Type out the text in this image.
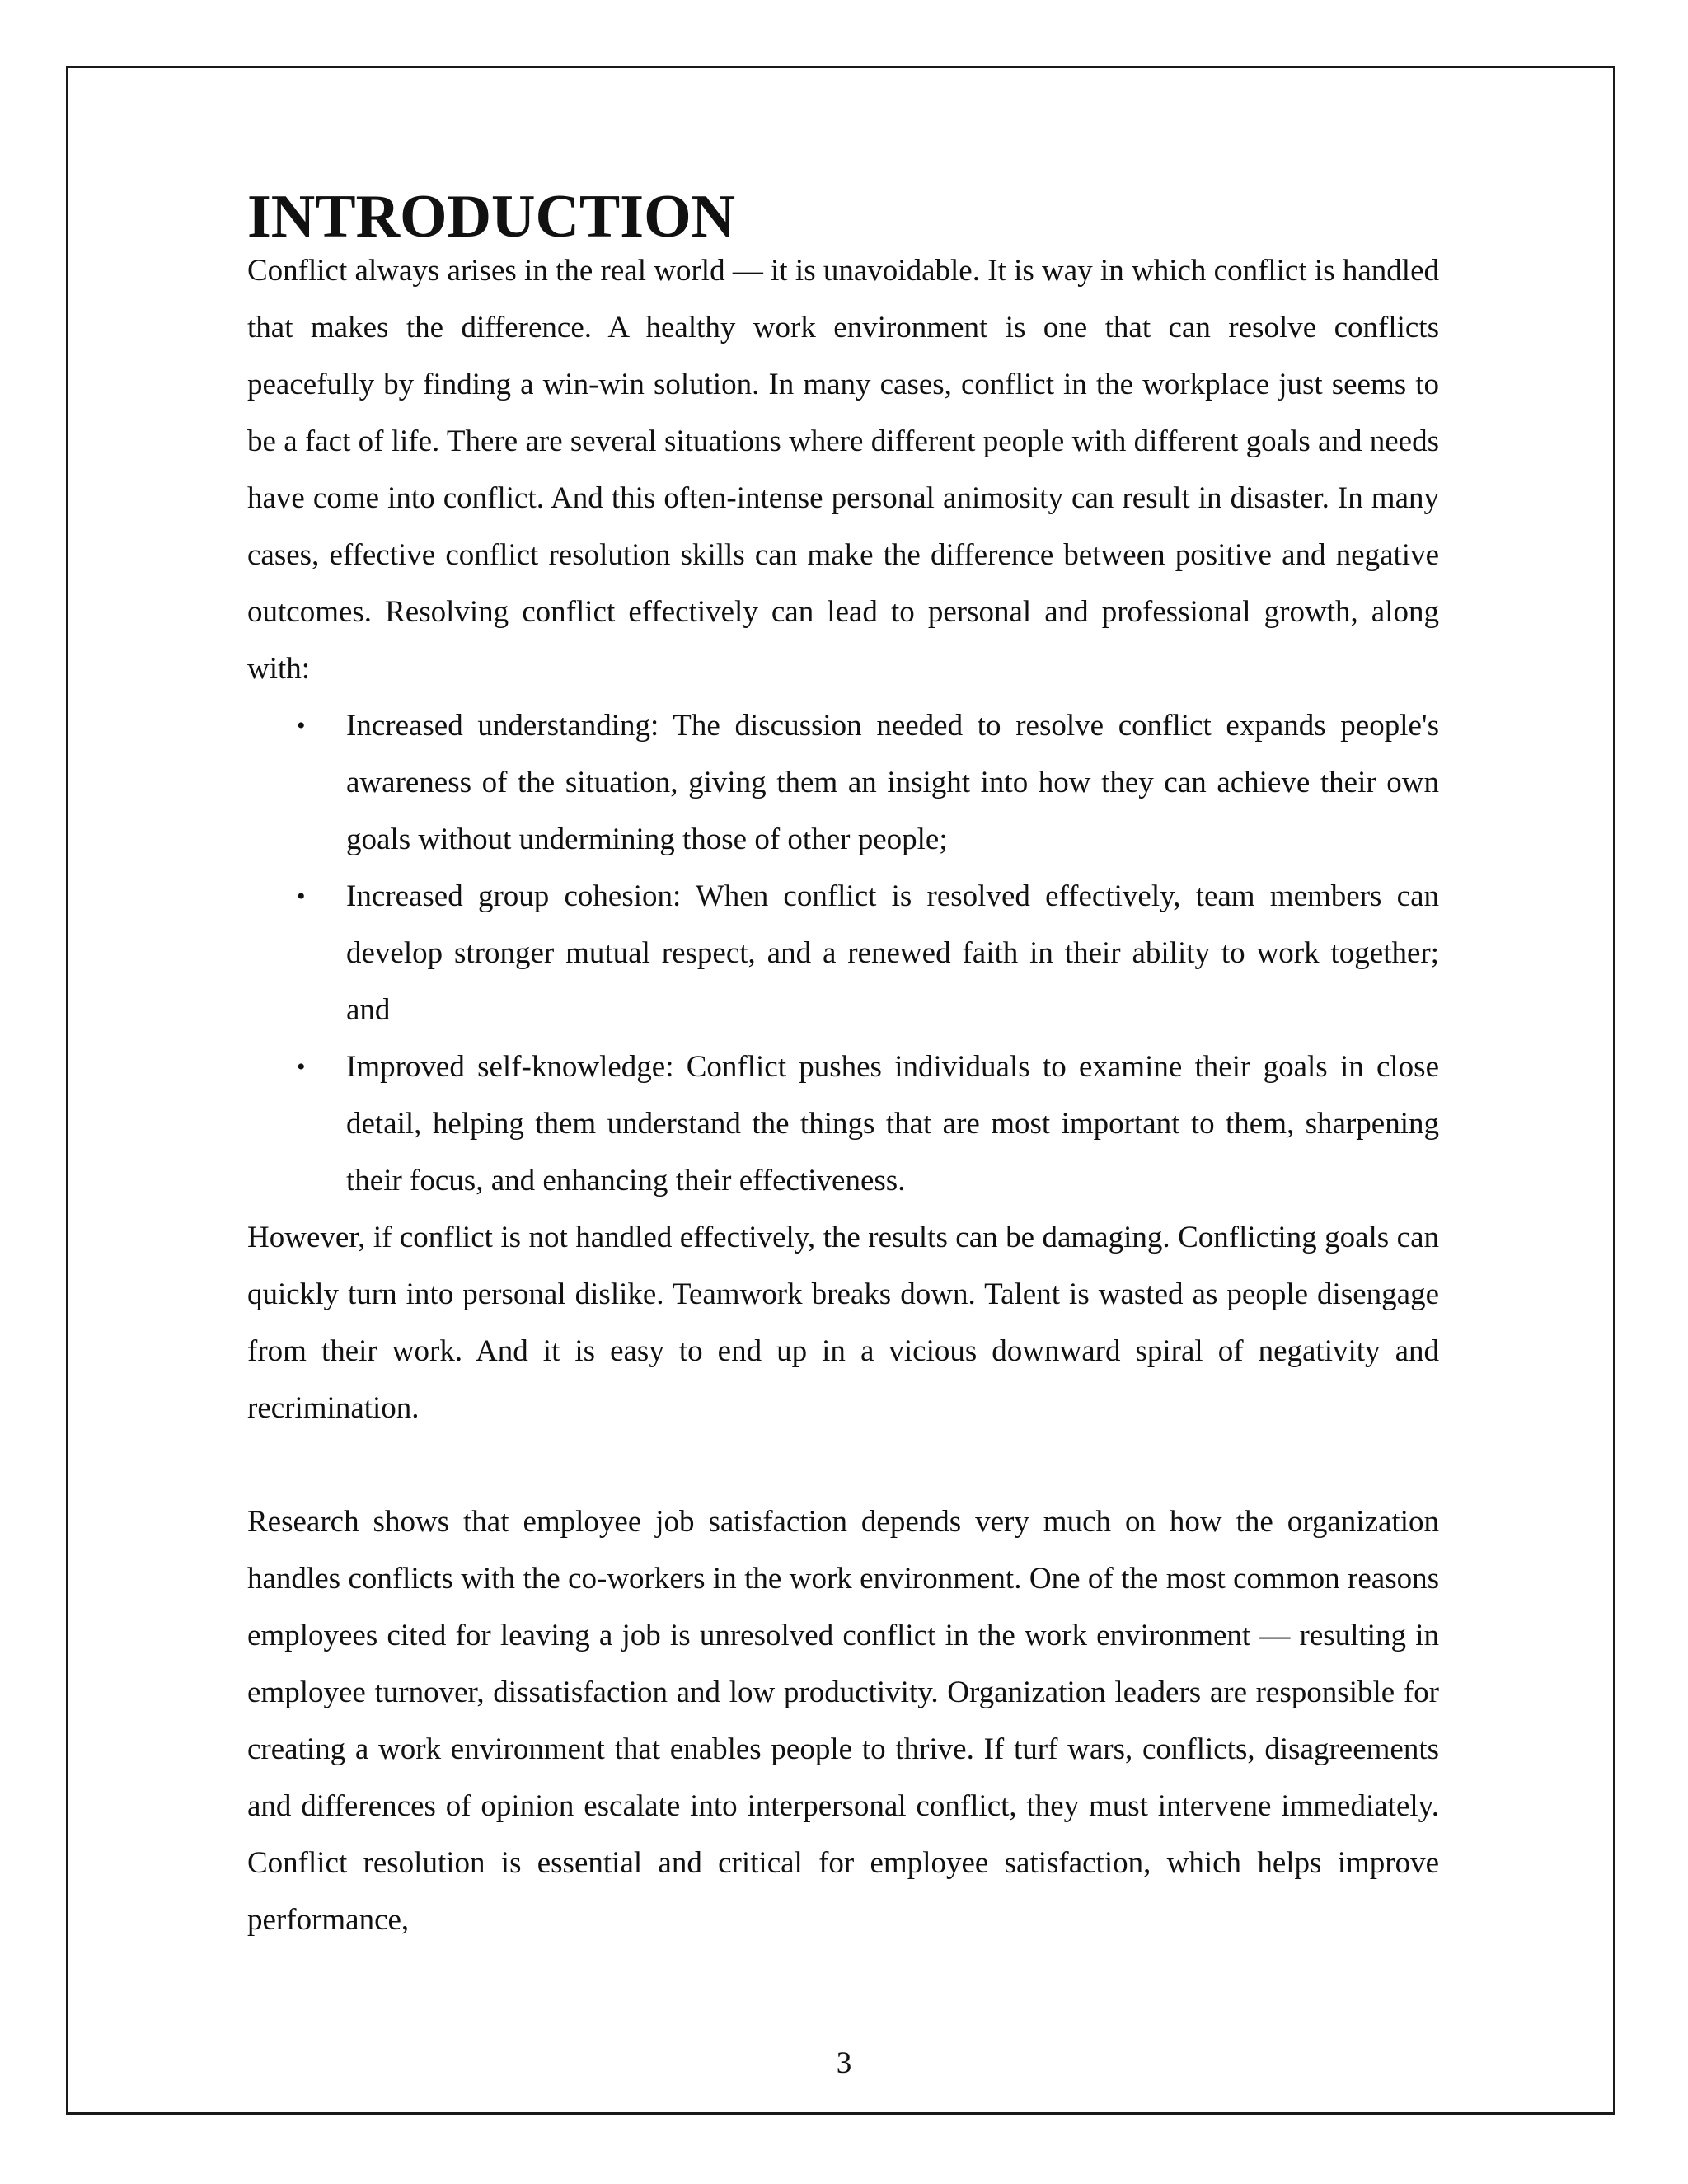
INTRODUCTION

Conflict always arises in the real world — it is unavoidable. It is way in which conflict is handled that makes the difference. A healthy work environment is one that can resolve conflicts peacefully by finding a win-win solution. In many cases, conflict in the workplace just seems to be a fact of life. There are several situations where different people with different goals and needs have come into conflict. And this often-intense personal animosity can result in disaster. In many cases, effective conflict resolution skills can make the difference between positive and negative outcomes. Resolving conflict effectively can lead to personal and professional growth, along with:

• Increased understanding: The discussion needed to resolve conflict expands people's awareness of the situation, giving them an insight into how they can achieve their own goals without undermining those of other people;
• Increased group cohesion: When conflict is resolved effectively, team members can develop stronger mutual respect, and a renewed faith in their ability to work together; and
• Improved self-knowledge: Conflict pushes individuals to examine their goals in close detail, helping them understand the things that are most important to them, sharpening their focus, and enhancing their effectiveness.

However, if conflict is not handled effectively, the results can be damaging. Conflicting goals can quickly turn into personal dislike. Teamwork breaks down. Talent is wasted as people disengage from their work. And it is easy to end up in a vicious downward spiral of negativity and recrimination.

Research shows that employee job satisfaction depends very much on how the organization handles conflicts with the co-workers in the work environment. One of the most common reasons employees cited for leaving a job is unresolved conflict in the work environment — resulting in employee turnover, dissatisfaction and low productivity. Organization leaders are responsible for creating a work environment that enables people to thrive. If turf wars, conflicts, disagreements and differences of opinion escalate into interpersonal conflict, they must intervene immediately. Conflict resolution is essential and critical for employee satisfaction, which helps improve performance,

3
